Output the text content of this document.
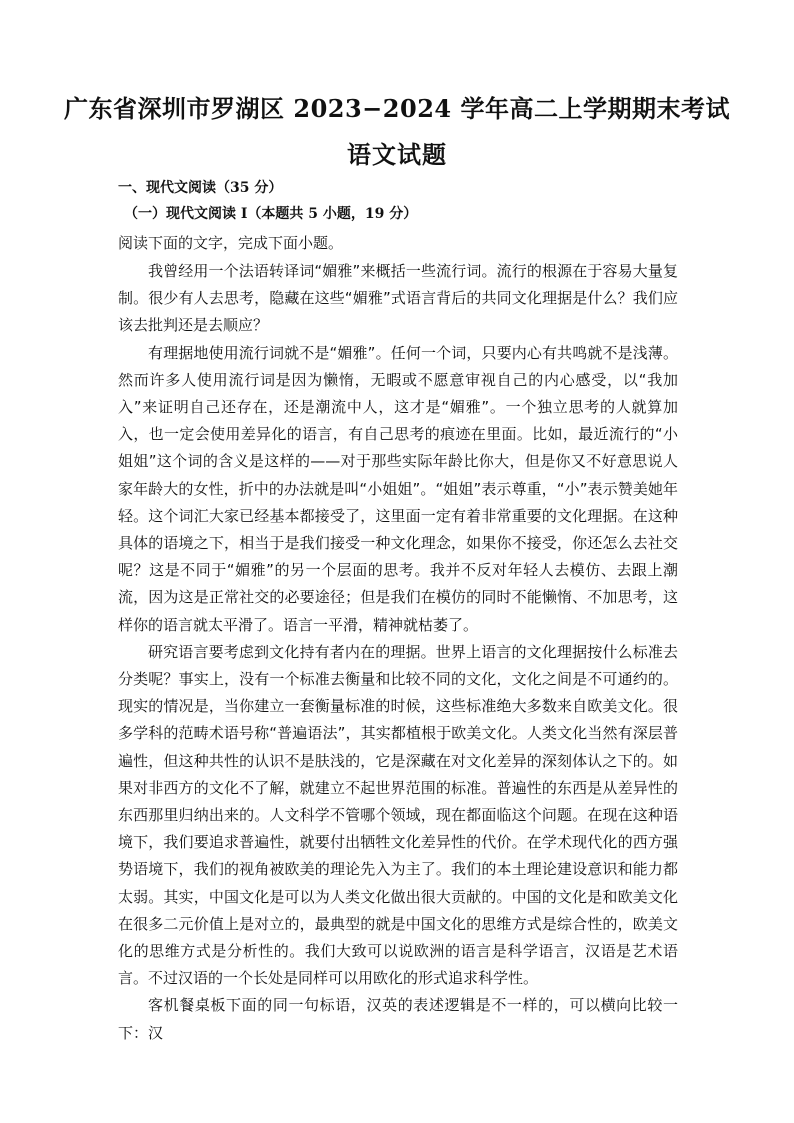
广东省深圳市罗湖区 2023−2024 学年高二上学期期末考试
语文试题
一、现代文阅读（35 分）
（一）现代文阅读 I（本题共 5 小题，19 分）
阅读下面的文字，完成下面小题。

我曾经用一个法语转译词“媚雅”来概括一些流行词。流行的根源在于容易大量复制。很少有人去思考，隐藏在这些“媚雅”式语言背后的共同文化理据是什么？我们应该去批判还是去顺应？

有理据地使用流行词就不是“媚雅”。任何一个词，只要内心有共鸣就不是浅薄。然而许多人使用流行词是因为懒惰，无暇或不愿意审视自己的内心感受，以“我加入”来证明自己还存在，还是潮流中人，这才是“媚雅”。一个独立思考的人就算加入，也一定会使用差异化的语言，有自己思考的痕迹在里面。比如，最近流行的“小姐姐”这个词的含义是这样的——对于那些实际年龄比你大，但是你又不好意思说人家年龄大的女性，折中的办法就是叫“小姐姐”。“姐姐”表示尊重，“小”表示赞美她年轻。这个词汇大家已经基本都接受了，这里面一定有着非常重要的文化理据。在这种具体的语境之下，相当于是我们接受一种文化理念，如果你不接受，你还怎么去社交呢？这是不同于“媚雅”的另一个层面的思考。我并不反对年轻人去模仿、去跟上潮流，因为这是正常社交的必要途径；但是我们在模仿的同时不能懒惰、不加思考，这样你的语言就太平滑了。语言一平滑，精神就枯萎了。

研究语言要考虑到文化持有者内在的理据。世界上语言的文化理据按什么标准去分类呢？事实上，没有一个标准去衡量和比较不同的文化，文化之间是不可通约的。现实的情况是，当你建立一套衡量标准的时候，这些标准绝大多数来自欧美文化。很多学科的范畴术语号称“普遍语法”，其实都植根于欧美文化。人类文化当然有深层普遍性，但这种共性的认识不是肤浅的，它是深藏在对文化差异的深刻体认之下的。如果对非西方的文化不了解，就建立不起世界范围的标准。普遍性的东西是从差异性的东西那里归纳出来的。人文科学不管哪个领域，现在都面临这个问题。在现在这种语境下，我们要追求普遍性，就要付出牺牲文化差异性的代价。在学术现代化的西方强势语境下，我们的视角被欧美的理论先入为主了。我们的本土理论建设意识和能力都太弱。其实，中国文化是可以为人类文化做出很大贡献的。中国的文化是和欧美文化在很多二元价值上是对立的，最典型的就是中国文化的思维方式是综合性的，欧美文化的思维方式是分析性的。我们大致可以说欧洲的语言是科学语言，汉语是艺术语言。不过汉语的一个长处是同样可以用欧化的形式追求科学性。

客机餐桌板下面的同一句标语，汉英的表述逻辑是不一样的，可以横向比较一下：汉
